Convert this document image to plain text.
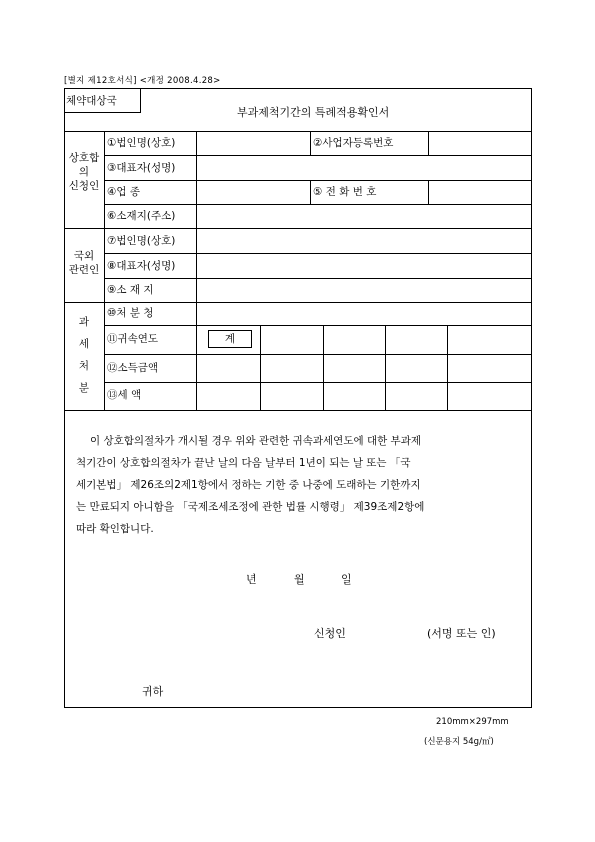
[별지 제12호서식] <개정 2008.4.28>
체약대상국
부과제척기간의 특례적용확인서
상호합
의
신청인
국외
관련인
과
세
처
분
①법인명(상호)	②사업자등록번호
③대표자(성명)
④업 종	⑤ 전 화 번 호
⑥소재지(주소)
⑦법인명(상호)
⑧대표자(성명)
⑨소 재 지
⑩처 분 청
⑪귀속연도	계
⑫소득금액
⑬세 액
이 상호합의절차가 개시될 경우 위와 관련한 귀속과세연도에 대한 부과제
척기간이 상호합의절차가 끝난 날의 다음 날부터 1년이 되는 날 또는 「국
세기본법」 제26조의2제1항에서 정하는 기한 중 나중에 도래하는 기한까지
는 만료되지 아니함을 「국제조세조정에 관한 법률 시행령」 제39조제2항에
따라 확인합니다.
년	월	일
신청인	(서명 또는 인)
귀하
210mm×297mm
(신문용지 54g/㎡)
